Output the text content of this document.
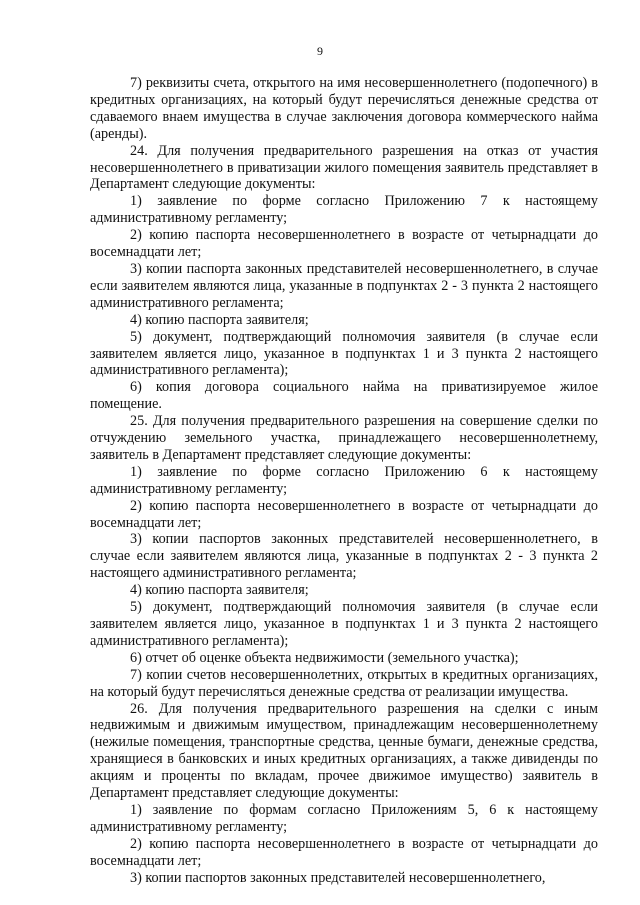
9

7) реквизиты счета, открытого на имя несовершеннолетнего (подопечного) в кредитных организациях, на который будут перечисляться денежные средства от сдаваемого внаем имущества в случае заключения договора коммерческого найма (аренды).

24. Для получения предварительного разрешения на отказ от участия несовершеннолетнего в приватизации жилого помещения заявитель представляет в Департамент следующие документы:

1) заявление по форме согласно Приложению 7 к настоящему административному регламенту;

2) копию паспорта несовершеннолетнего в возрасте от четырнадцати до восемнадцати лет;

3) копии паспорта законных представителей несовершеннолетнего, в случае если заявителем являются лица, указанные в подпунктах 2 - 3 пункта 2 настоящего административного регламента;

4) копию паспорта заявителя;

5) документ, подтверждающий полномочия заявителя (в случае если заявителем является лицо, указанное в подпунктах 1 и 3 пункта 2 настоящего административного регламента);

6) копия договора социального найма на приватизируемое жилое помещение.

25. Для получения предварительного разрешения на совершение сделки по отчуждению земельного участка, принадлежащего несовершеннолетнему, заявитель в Департамент представляет следующие документы:

1) заявление по форме согласно Приложению 6 к настоящему административному регламенту;

2) копию паспорта несовершеннолетнего в возрасте от четырнадцати до восемнадцати лет;

3) копии паспортов законных представителей несовершеннолетнего, в случае если заявителем являются лица, указанные в подпунктах 2 - 3 пункта 2 настоящего административного регламента;

4) копию паспорта заявителя;

5) документ, подтверждающий полномочия заявителя (в случае если заявителем является лицо, указанное в подпунктах 1 и 3 пункта 2 настоящего административного регламента);

6) отчет об оценке объекта недвижимости (земельного участка);

7) копии счетов несовершеннолетних, открытых в кредитных организациях, на который будут перечисляться денежные средства от реализации имущества.

26. Для получения предварительного разрешения на сделки с иным недвижимым и движимым имуществом, принадлежащим несовершеннолетнему (нежилые помещения, транспортные средства, ценные бумаги, денежные средства, хранящиеся в банковских и иных кредитных организациях, а также дивиденды по акциям и проценты по вкладам, прочее движимое имущество) заявитель в Департамент представляет следующие документы:

1) заявление по формам согласно Приложениям 5, 6 к настоящему административному регламенту;

2) копию паспорта несовершеннолетнего в возрасте от четырнадцати до восемнадцати лет;

3) копии паспортов законных представителей несовершеннолетнего,
